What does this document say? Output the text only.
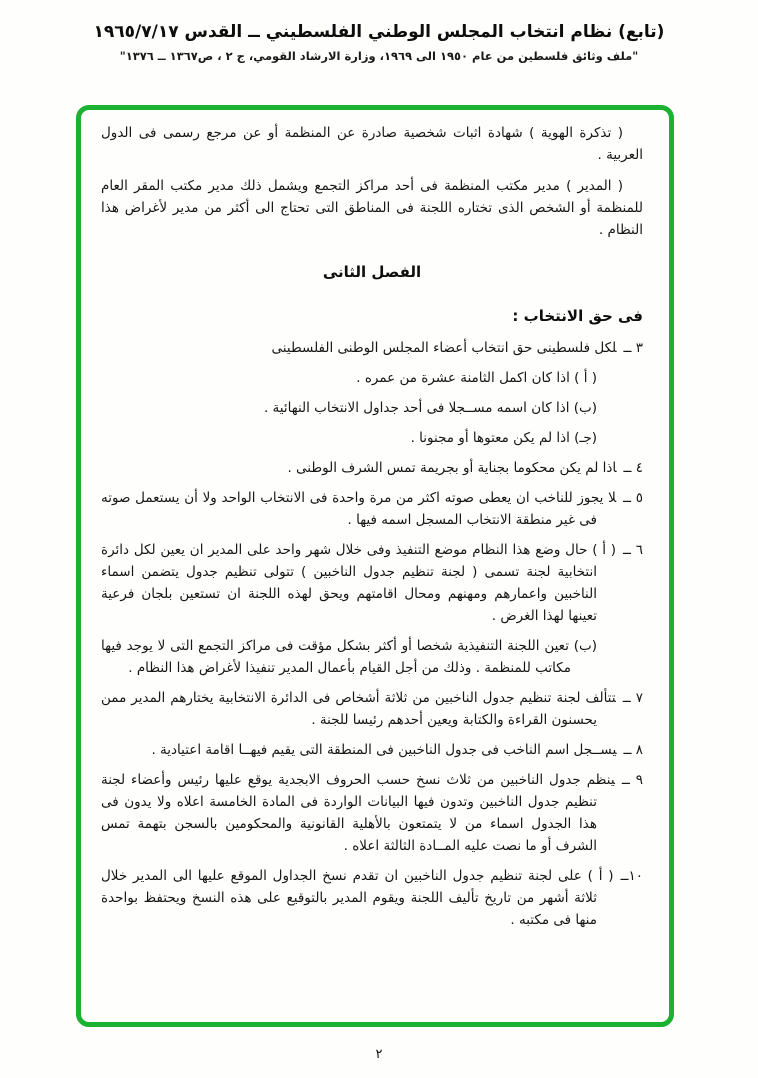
(تابع) نظام انتخاب المجلس الوطني الفلسطيني ــ القدس ١٩٦٥/٧/١٧
"ملف وثائق فلسطين من عام ١٩٥٠ الى ١٩٦٩، وزارة الارشاد القومي، ج ٢ ، ص١٣٦٧ ــ ١٣٧٦"

( تذكرة الهوية ) شهادة اثبات شخصية صادرة عن المنظمة أو عن مرجع رسمى فى الدول العربية .

( المدير ) مدير مكتب المنظمة فى أحد مراكز التجمع ويشمل ذلك مدير مكتب المقر العام للمنظمة أو الشخص الذى تختاره اللجنة فى المناطق التى تحتاج الى أكثر من مدير لأغراض هذا النظام .

الفصل الثانى
فى حق الانتخاب :

٣ ــلكل فلسطينى حق انتخاب أعضاء المجلس الوطنى الفلسطينى

( أ ) اذا كان اكمل الثامنة عشرة من عمره .

(ب) اذا كان اسمه مســجلا فى أحد جداول الانتخاب النهائية .

(جـ) اذا لم يكن معتوها أو مجنونا .

٤ ــاذا لم يكن محكوما بجناية أو بجريمة تمس الشرف الوطنى .

٥ ــلا يجوز للناخب ان يعطى صوته اكثر من مرة واحدة فى الانتخاب الواحد ولا أن يستعمل صوته فى غير منطقة الانتخاب المسجل اسمه فيها .

٦ ــ( أ ) حال وضع هذا النظام موضع التنفيذ وفى خلال شهر واحد على المدير ان يعين لكل دائرة انتخابية لجنة تسمى ( لجنة تنظيم جدول الناخبين ) تتولى تنظيم جدول يتضمن اسماء الناخبين واعمارهم ومهنهم ومحال اقامتهم ويحق لهذه اللجنة ان تستعين بلجان فرعية تعينها لهذا الغرض .

(ب) تعين اللجنة التنفيذية شخصا أو أكثر بشكل مؤقت فى مراكز التجمع التى لا يوجد فيها مكاتب للمنظمة . وذلك من أجل القيام بأعمال المدير تنفيذا لأغراض هذا النظام .

٧ ــتتألف لجنة تنظيم جدول الناخبين من ثلاثة أشخاص فى الدائرة الانتخابية يختارهم المدير ممن يحسنون القراءة والكتابة ويعين أحدهم رئيسا للجنة .

٨ ــيســجل اسم الناخب فى جدول الناخبين فى المنطقة التى يقيم فيهــا اقامة اعتيادية .

٩ ــينظم جدول الناخبين من ثلاث نسخ حسب الحروف الابجدية يوقع عليها رئيس وأعضاء لجنة تنظيم جدول الناخبين وتدون فيها البيانات الواردة فى المادة الخامسة اعلاه ولا يدون فى هذا الجدول اسماء من لا يتمتعون بالأهلية القانونية والمحكومين بالسجن بتهمة تمس الشرف أو ما نصت عليه المــادة الثالثة اعلاه .

١٠ــ( أ ) على لجنة تنظيم جدول الناخبين ان تقدم نسخ الجداول الموقع عليها الى المدير خلال ثلاثة أشهر من تاريخ تأليف اللجنة ويقوم المدير بالتوقيع على هذه النسخ ويحتفظ بواحدة منها فى مكتبه .

٢
